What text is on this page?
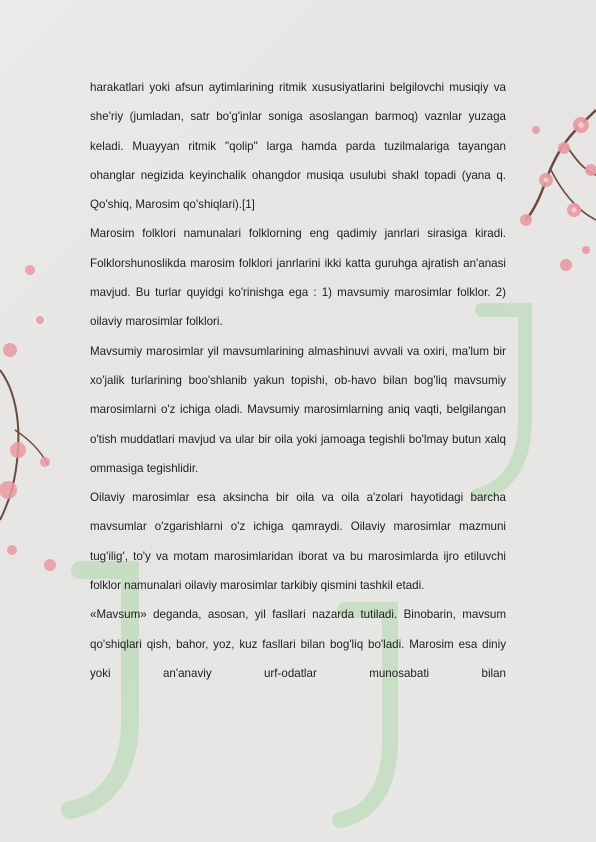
harakatlari yoki afsun aytimlarining ritmik xususiyatlarini belgilovchi musiqiy va she'riy (jumladan, satr bo'g'inlar soniga asoslangan barmoq) vaznlar yuzaga keladi. Muayyan ritmik "qolip" larga hamda parda tuzilmalariga tayangan ohanglar negizida keyinchalik ohangdor musiqa usulubi shakl topadi (yana q. Qo'shiq, Marosim qo'shiqlari).[1]

Marosim folklori namunalari folklorning eng qadimiy janrlari sirasiga kiradi. Folklorshunoslikda marosim folklori janrlarini ikki katta guruhga ajratish an'anasi mavjud. Bu turlar quyidgi ko'rinishga ega : 1) mavsumiy marosimlar folklor. 2) oilaviy marosimlar folklori.

Mavsumiy marosimlar yil mavsumlarining almashinuvi avvali va oxiri, ma'lum bir xo'jalik turlarining boo'shlanib yakun topishi, ob-havo bilan bog'liq mavsumiy marosimlarni o'z ichiga oladi. Mavsumiy marosimlarning aniq vaqti, belgilangan o'tish muddatlari mavjud va ular bir oila yoki jamoaga tegishli bo'lmay butun xalq ommasiga tegishlidir.

Oilaviy marosimlar esa aksincha bir oila va oila a'zolari hayotidagi barcha mavsumlar o'zgarishlarni o'z ichiga qamraydi. Oilaviy marosimlar mazmuni tug'ilig', to'y va motam marosimlaridan iborat va bu marosimlarda ijro etiluvchi folklor namunalari oilaviy marosimlar tarkibiy qismini tashkil etadi.

«Mavsum» deganda, asosan, yil fasllari nazarda tutiladi. Binobarin, mavsum qo'shiqlari qish, bahor, yoz, kuz fasllari bilan bog'liq bo'ladi. Marosim esa diniy yoki an'anaviy urf-odatlar munosabati bilan
